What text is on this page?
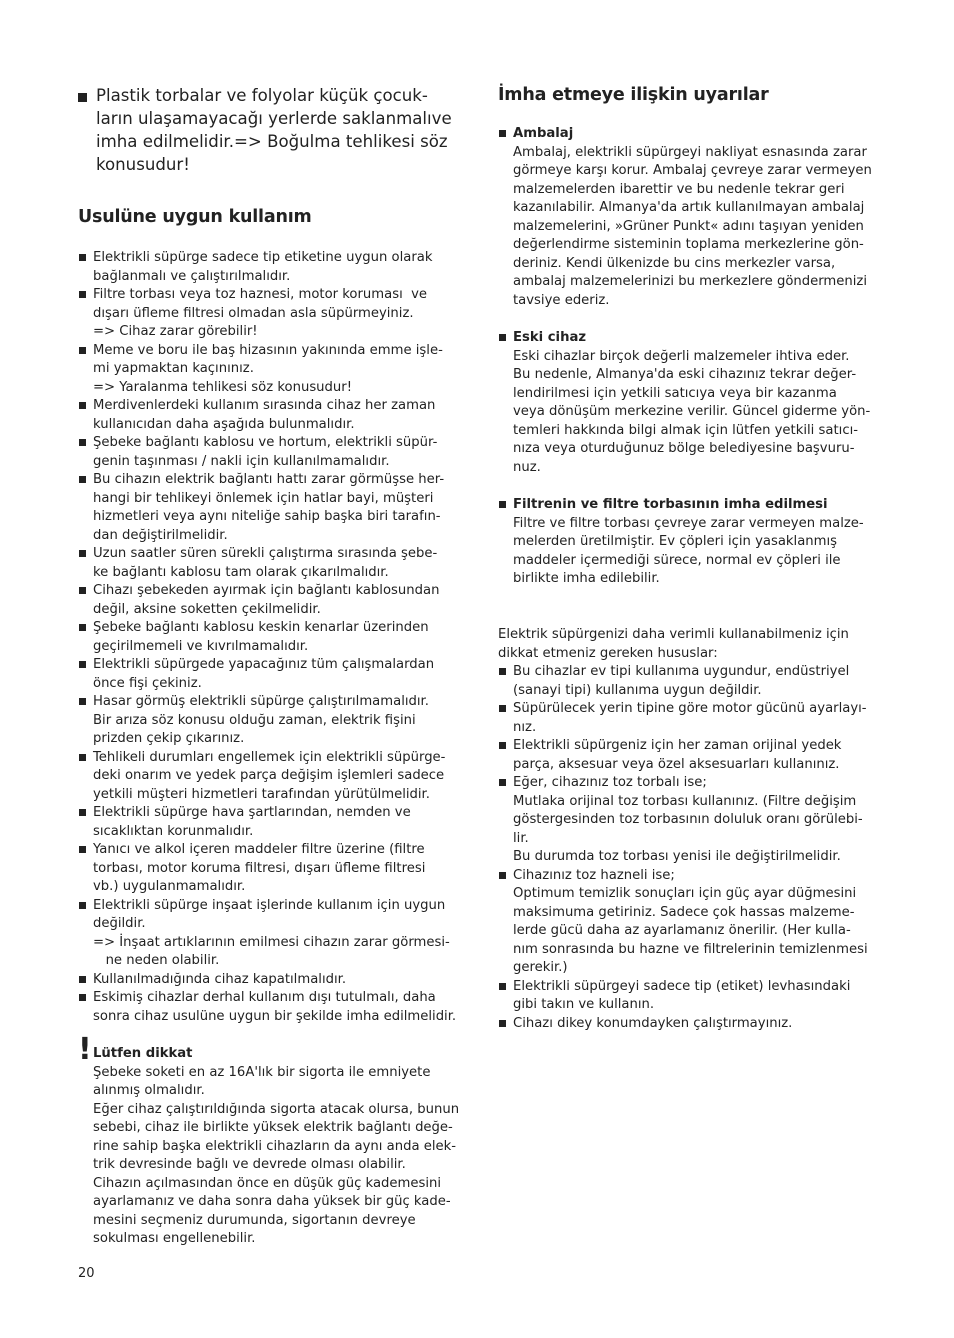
Plastik torbalar ve folyolar küçük çocuk-ların ulaşamayacağı yerlerde saklanmalıve imha edilmelidir.=> Boğulma tehlikesi söz konusudur!
Usulüne uygun kullanım
Elektrikli süpürge sadece tip etiketine uygun olarak
bağlanmalı ve çalıştırılmalıdır.
Filtre torbası veya toz haznesi, motor koruması  ve
dışarı üfleme filtresi olmadan asla süpürmeyiniz.
=> Cihaz zarar görebilir!
Meme ve boru ile baş hizasının yakınında emme işle-
mi yapmaktan kaçınınız.
=> Yaralanma tehlikesi söz konusudur!
Merdivenlerdeki kullanım sırasında cihaz her zaman
kullanıcıdan daha aşağıda bulunmalıdır.
Şebeke bağlantı kablosu ve hortum, elektrikli süpür-
genin taşınması / nakli için kullanılmamalıdır.
Bu cihazın elektrik bağlantı hattı zarar görmüşse her-
hangi bir tehlikeyi önlemek için hatlar bayi, müşteri
hizmetleri veya aynı niteliğe sahip başka biri tarafın-
dan değiştirilmelidir.
Uzun saatler süren sürekli çalıştırma sırasında şebe-
ke bağlantı kablosu tam olarak çıkarılmalıdır.
Cihazı şebekeden ayırmak için bağlantı kablosundan
değil, aksine soketten çekilmelidir.
Şebeke bağlantı kablosu keskin kenarlar üzerinden
geçirilmemeli ve kıvrılmamalıdır.
Elektrikli süpürgede yapacağınız tüm çalışmalardan
önce fişi çekiniz.
Hasar görmüş elektrikli süpürge çalıştırılmamalıdır.
Bir arıza söz konusu olduğu zaman, elektrik fişini
prizden çekip çıkarınız.
Tehlikeli durumları engellemek için elektrikli süpürge-
deki onarım ve yedek parça değişim işlemleri sadece
yetkili müşteri hizmetleri tarafından yürütülmelidir.
Elektrikli süpürge hava şartlarından, nemden ve
sıcaklıktan korunmalıdır.
Yanıcı ve alkol içeren maddeler filtre üzerine (filtre
torbası, motor koruma filtresi, dışarı üfleme filtresi
vb.) uygulanmamalıdır.
Elektrikli süpürge inşaat işlerinde kullanım için uygun
değildir.
=> İnşaat artıklarının emilmesi cihazın zarar görmesi-
ne neden olabilir.
Kullanılmadığında cihaz kapatılmalıdır.
Eskimiş cihazlar derhal kullanım dışı tutulmalı, daha
sonra cihaz usulüne uygun bir şekilde imha edilmelidir.
! Lütfen dikkat
Şebeke soketi en az 16A'lık bir sigorta ile emniyete
alınmış olmalıdır.
Eğer cihaz çalıştırıldığında sigorta atacak olursa, bunun
sebebi, cihaz ile birlikte yüksek elektrik bağlantı değe-
rine sahip başka elektrikli cihazların da aynı anda elek-
trik devresinde bağlı ve devrede olması olabilir.
Cihazın açılmasından önce en düşük güç kademesini
ayarlamanız ve daha sonra daha yüksek bir güç kade-
mesini seçmeniz durumunda, sigortanın devreye
sokulması engellenebilir.
İmha etmeye ilişkin uyarılar
Ambalaj
Ambalaj, elektrikli süpürgeyi nakliyat esnasında zarar
görmeye karşı korur. Ambalaj çevreye zarar vermeyen
malzemelerden ibarettir ve bu nedenle tekrar geri
kazanılabilir. Almanya'da artık kullanılmayan ambalaj
malzemelerini, »Grüner Punkt« adını taşıyan yeniden
değerlendirme sisteminin toplama merkezlerine gön-
deriniz. Kendi ülkenizde bu cins merkezler varsa,
ambalaj malzemelerinizi bu merkezlere göndermenizi
tavsiye ederiz.
Eski cihaz
Eski cihazlar birçok değerli malzemeler ihtiva eder.
Bu nedenle, Almanya'da eski cihazınız tekrar değer-
lendirilmesi için yetkili satıcıya veya bir kazanma
veya dönüşüm merkezine verilir. Güncel giderme yön-
temleri hakkında bilgi almak için lütfen yetkili satıcı-
nıza veya oturduğunuz bölge belediyesine başvuru-
nuz.
Filtrenin ve filtre torbasının imha edilmesi
Filtre ve filtre torbası çevreye zarar vermeyen malze-
melerden üretilmiştir. Ev çöpleri için yasaklanmış
maddeler içermediği sürece, normal ev çöpleri ile
birlikte imha edilebilir.
Elektrik süpürgenizi daha verimli kullanabilmeniz için
dikkat etmeniz gereken hususlar:
Bu cihazlar ev tipi kullanıma uygundur, endüstriyel
(sanayi tipi) kullanıma uygun değildir.
Süpürülecek yerin tipine göre motor gücünü ayarlayı-
nız.
Elektrikli süpürgeniz için her zaman orijinal yedek
parça, aksesuar veya özel aksesuarları kullanınız.
Eğer, cihazınız toz torbalı ise;
Mutlaka orijinal toz torbası kullanınız. (Filtre değişim
göstergesinden toz torbasının doluluk oranı görülebi-
lir.
Bu durumda toz torbası yenisi ile değiştirilmelidir.
Cihazınız toz hazneli ise;
Optimum temizlik sonuçları için güç ayar düğmesini
maksimuma getiriniz. Sadece çok hassas malzeme-
lerde gücü daha az ayarlamanız önerilir. (Her kulla-
nım sonrasında bu hazne ve filtrelerinin temizlenmesi
gerekir.)
Elektrikli süpürgeyi sadece tip (etiket) levhasındaki
gibi takın ve kullanın.
Cihazı dikey konumdayken çalıştırmayınız.
20
